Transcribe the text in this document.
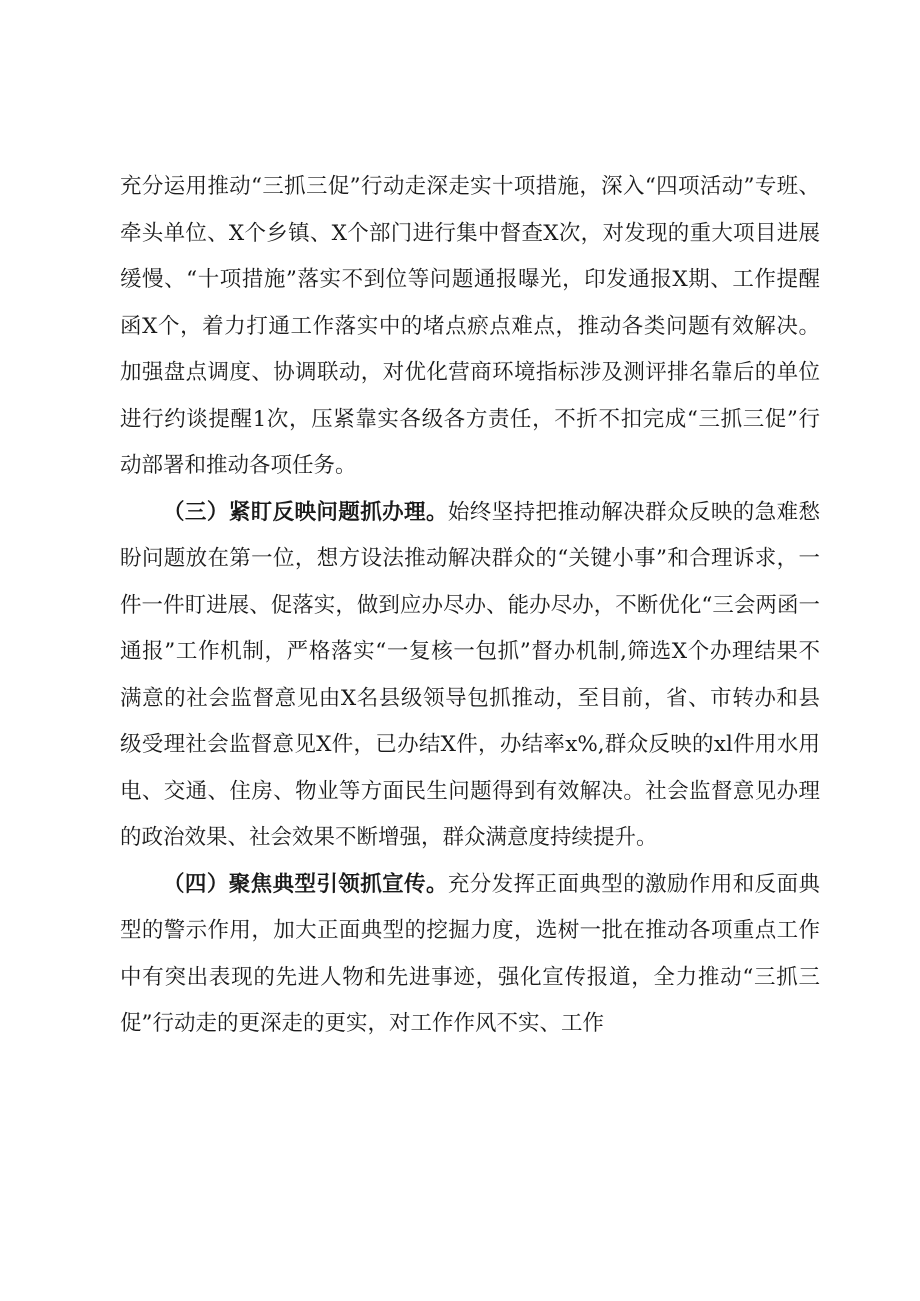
充分运用推动“三抓三促”行动走深走实十项措施，深入“四项活动”专班、牵头单位、X个乡镇、X个部门进行集中督查X次，对发现的重大项目进展缓慢、“十项措施”落实不到位等问题通报曝光，印发通报X期、工作提醒函X个，着力打通工作落实中的堵点瘀点难点，推动各类问题有效解决。加强盘点调度、协调联动，对优化营商环境指标涉及测评排名靠后的单位进行约谈提醒1次，压紧靠实各级各方责任，不折不扣完成“三抓三促”行动部署和推动各项任务。

（三）紧盯反映问题抓办理。始终坚持把推动解决群众反映的急难愁盼问题放在第一位，想方设法推动解决群众的“关键小事”和合理诉求，一件一件盯进展、促落实，做到应办尽办、能办尽办，不断优化“三会两函一通报”工作机制，严格落实“一复核一包抓”督办机制,筛选X个办理结果不满意的社会监督意见由X名县级领导包抓推动，至目前，省、市转办和县级受理社会监督意见X件，已办结X件，办结率x%,群众反映的xl件用水用电、交通、住房、物业等方面民生问题得到有效解决。社会监督意见办理的政治效果、社会效果不断增强，群众满意度持续提升。

（四）聚焦典型引领抓宣传。充分发挥正面典型的激励作用和反面典型的警示作用，加大正面典型的挖掘力度，选树一批在推动各项重点工作中有突出表现的先进人物和先进事迹，强化宣传报道，全力推动“三抓三促”行动走的更深走的更实，对工作作风不实、工作
